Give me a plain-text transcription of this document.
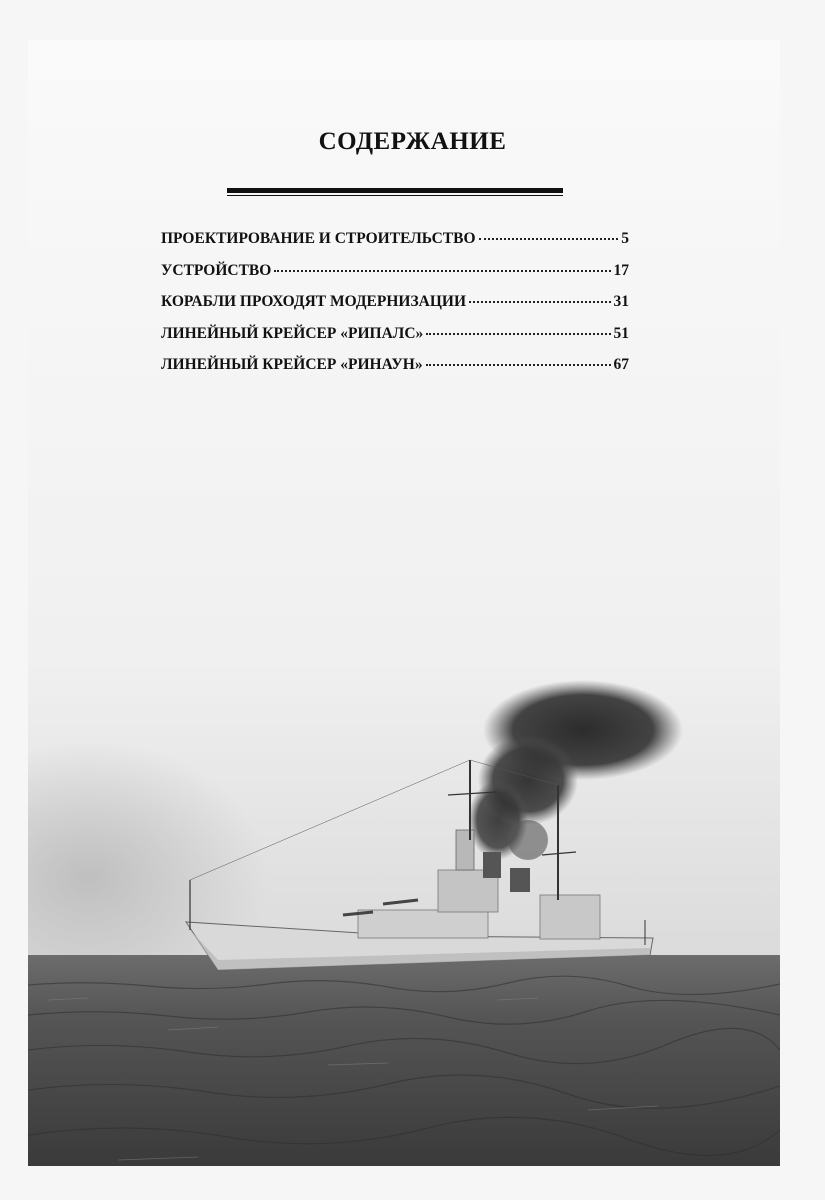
СОДЕРЖАНИЕ
ПРОЕКТИРОВАНИЕ И СТРОИТЕЛЬСТВО	5
УСТРОЙСТВО	17
КОРАБЛИ ПРОХОДЯТ МОДЕРНИЗАЦИИ	31
ЛИНЕЙНЫЙ КРЕЙСЕР «РИПАЛС»	51
ЛИНЕЙНЫЙ КРЕЙСЕР «РИНАУН»	67
